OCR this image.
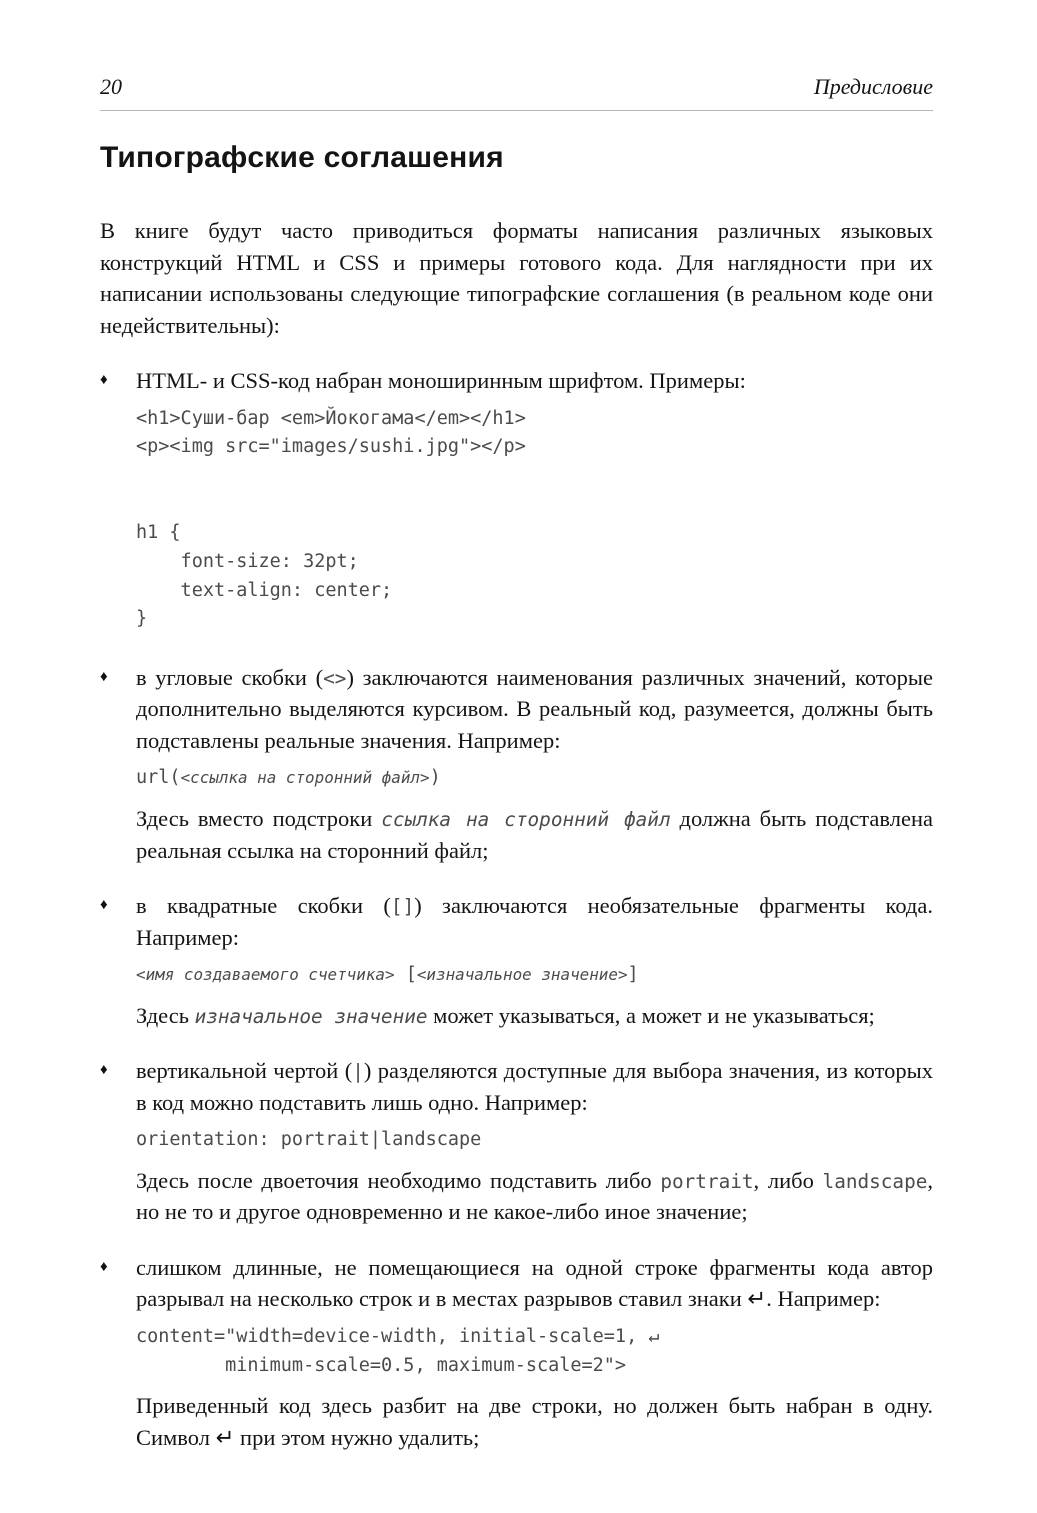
20	Предисловие
Типографские соглашения

В книге будут часто приводиться форматы написания различных языковых конструкций HTML и CSS и примеры готового кода. Для наглядности при их написании использованы следующие типографские соглашения (в реальном коде они недействительны):

♦	HTML- и CSS-код набран моноширинным шрифтом. Примеры:

<h1>Суши-бар <em>Йокогама</em></h1>
<p><img src="images/sushi.jpg"></p>

h1 {
font-size: 32pt;
text-align: center;
}
♦	в угловые скобки (<>) заключаются наименования различных значений, которые дополнительно выделяются курсивом. В реальный код, разумеется, должны быть подставлены реальные значения. Например:

url(<ссылка на сторонний файл>)

Здесь вместо подстроки ссылка на сторонний файл должна быть подставлена реальная ссылка на сторонний файл;

♦	в квадратные скобки ([]) заключаются необязательные фрагменты кода. Например:

<имя создаваемого счетчика> [<изначальное значение>]

Здесь изначальное значение может указываться, а может и не указываться;

♦	вертикальной чертой (|) разделяются доступные для выбора значения, из которых в код можно подставить лишь одно. Например:

orientation: portrait|landscape

Здесь после двоеточия необходимо подставить либо portrait, либо landscape, но не то и другое одновременно и не какое-либо иное значение;

♦	слишком длинные, не помещающиеся на одной строке фрагменты кода автор разрывал на несколько строк и в местах разрывов ставил знаки ↵. Например:

content="width=device-width, initial-scale=1, ↵
minimum-scale=0.5, maximum-scale=2">

Приведенный код здесь разбит на две строки, но должен быть набран в одну. Символ ↵ при этом нужно удалить;
